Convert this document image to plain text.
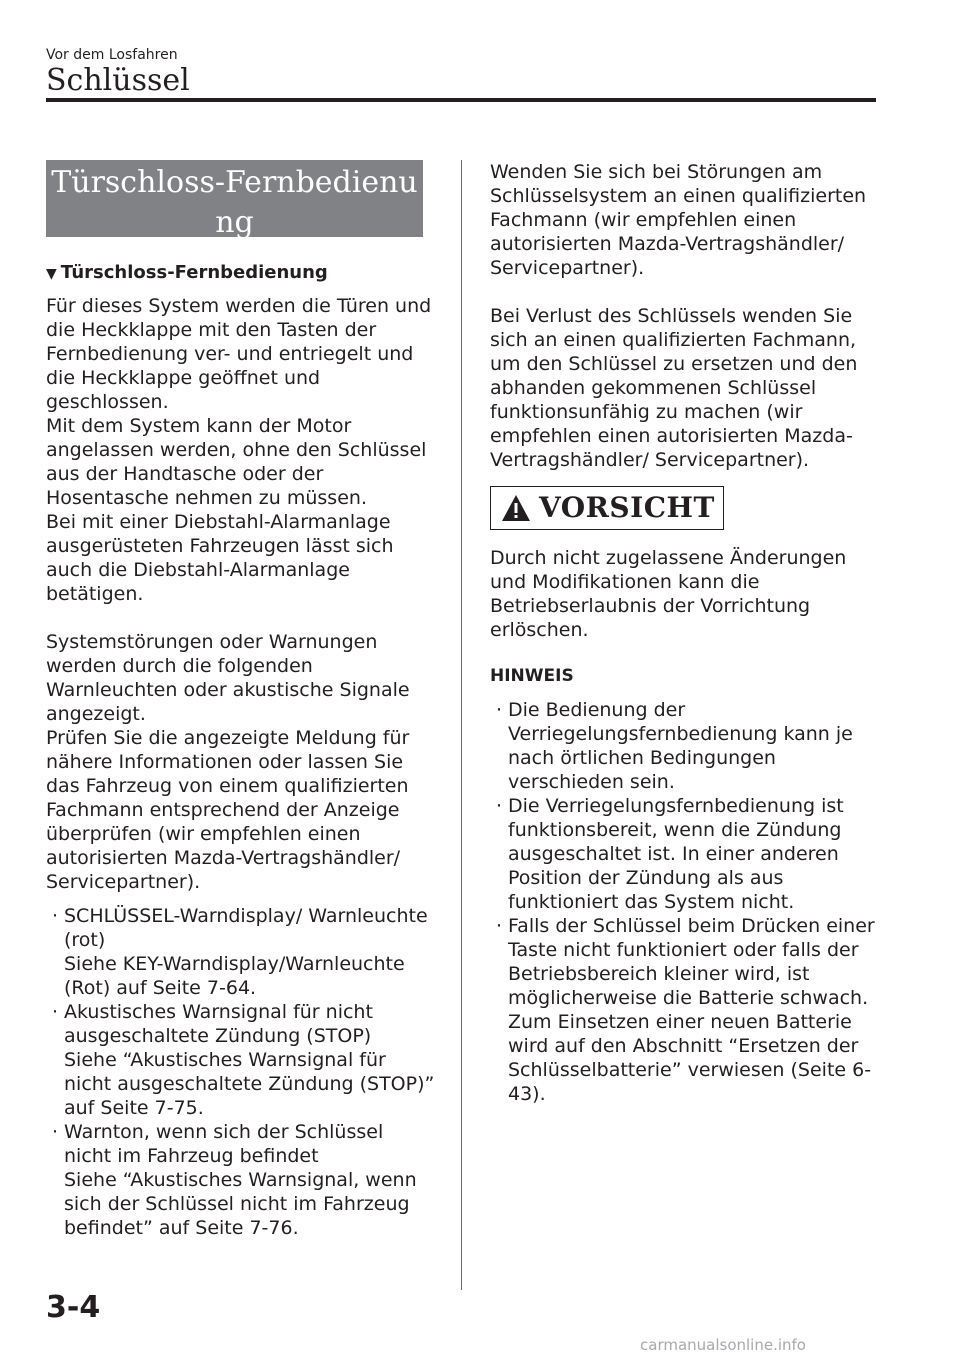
Vor dem Losfahren
Schlüssel
Türschloss-Fernbedienung
▼ Türschloss-Fernbedienung

Für dieses System werden die Türen und die Heckklappe mit den Tasten der Fernbedienung ver- und entriegelt und die Heckklappe geöffnet und geschlossen.

Mit dem System kann der Motor angelassen werden, ohne den Schlüssel aus der Handtasche oder der Hosentasche nehmen zu müssen.

Bei mit einer Diebstahl-Alarmanlage ausgerüsteten Fahrzeugen lässt sich auch die Diebstahl-Alarmanlage betätigen.

Systemstörungen oder Warnungen werden durch die folgenden Warnleuchten oder akustische Signale angezeigt.

Prüfen Sie die angezeigte Meldung für nähere Informationen oder lassen Sie das Fahrzeug von einem qualifizierten Fachmann entsprechend der Anzeige überprüfen (wir empfehlen einen autorisierten Mazda-Vertragshändler/ Servicepartner).

· SCHLÜSSEL-Warndisplay/ Warnleuchte (rot)
Siehe KEY-Warndisplay/Warnleuchte (Rot) auf Seite 7-64.
· Akustisches Warnsignal für nicht ausgeschaltete Zündung (STOP)
Siehe “Akustisches Warnsignal für nicht ausgeschaltete Zündung (STOP)” auf Seite 7-75.
· Warnton, wenn sich der Schlüssel nicht im Fahrzeug befindet
Siehe “Akustisches Warnsignal, wenn sich der Schlüssel nicht im Fahrzeug befindet” auf Seite 7-76.

Wenden Sie sich bei Störungen am Schlüsselsystem an einen qualifizierten Fachmann (wir empfehlen einen autorisierten Mazda-Vertragshändler/ Servicepartner).

Bei Verlust des Schlüssels wenden Sie sich an einen qualifizierten Fachmann, um den Schlüssel zu ersetzen und den abhanden gekommenen Schlüssel funktionsunfähig zu machen (wir empfehlen einen autorisierten Mazda-Vertragshändler/ Servicepartner).

VORSICHT

Durch nicht zugelassene Änderungen und Modifikationen kann die Betriebserlaubnis der Vorrichtung erlöschen.

HINWEIS
· Die Bedienung der Verriegelungsfernbedienung kann je nach örtlichen Bedingungen verschieden sein.
· Die Verriegelungsfernbedienung ist funktionsbereit, wenn die Zündung ausgeschaltet ist. In einer anderen Position der Zündung als aus funktioniert das System nicht.
· Falls der Schlüssel beim Drücken einer Taste nicht funktioniert oder falls der Betriebsbereich kleiner wird, ist möglicherweise die Batterie schwach. Zum Einsetzen einer neuen Batterie wird auf den Abschnitt “Ersetzen der Schlüsselbatterie” verwiesen (Seite 6-43).
3-4
carmanualsonline.info
